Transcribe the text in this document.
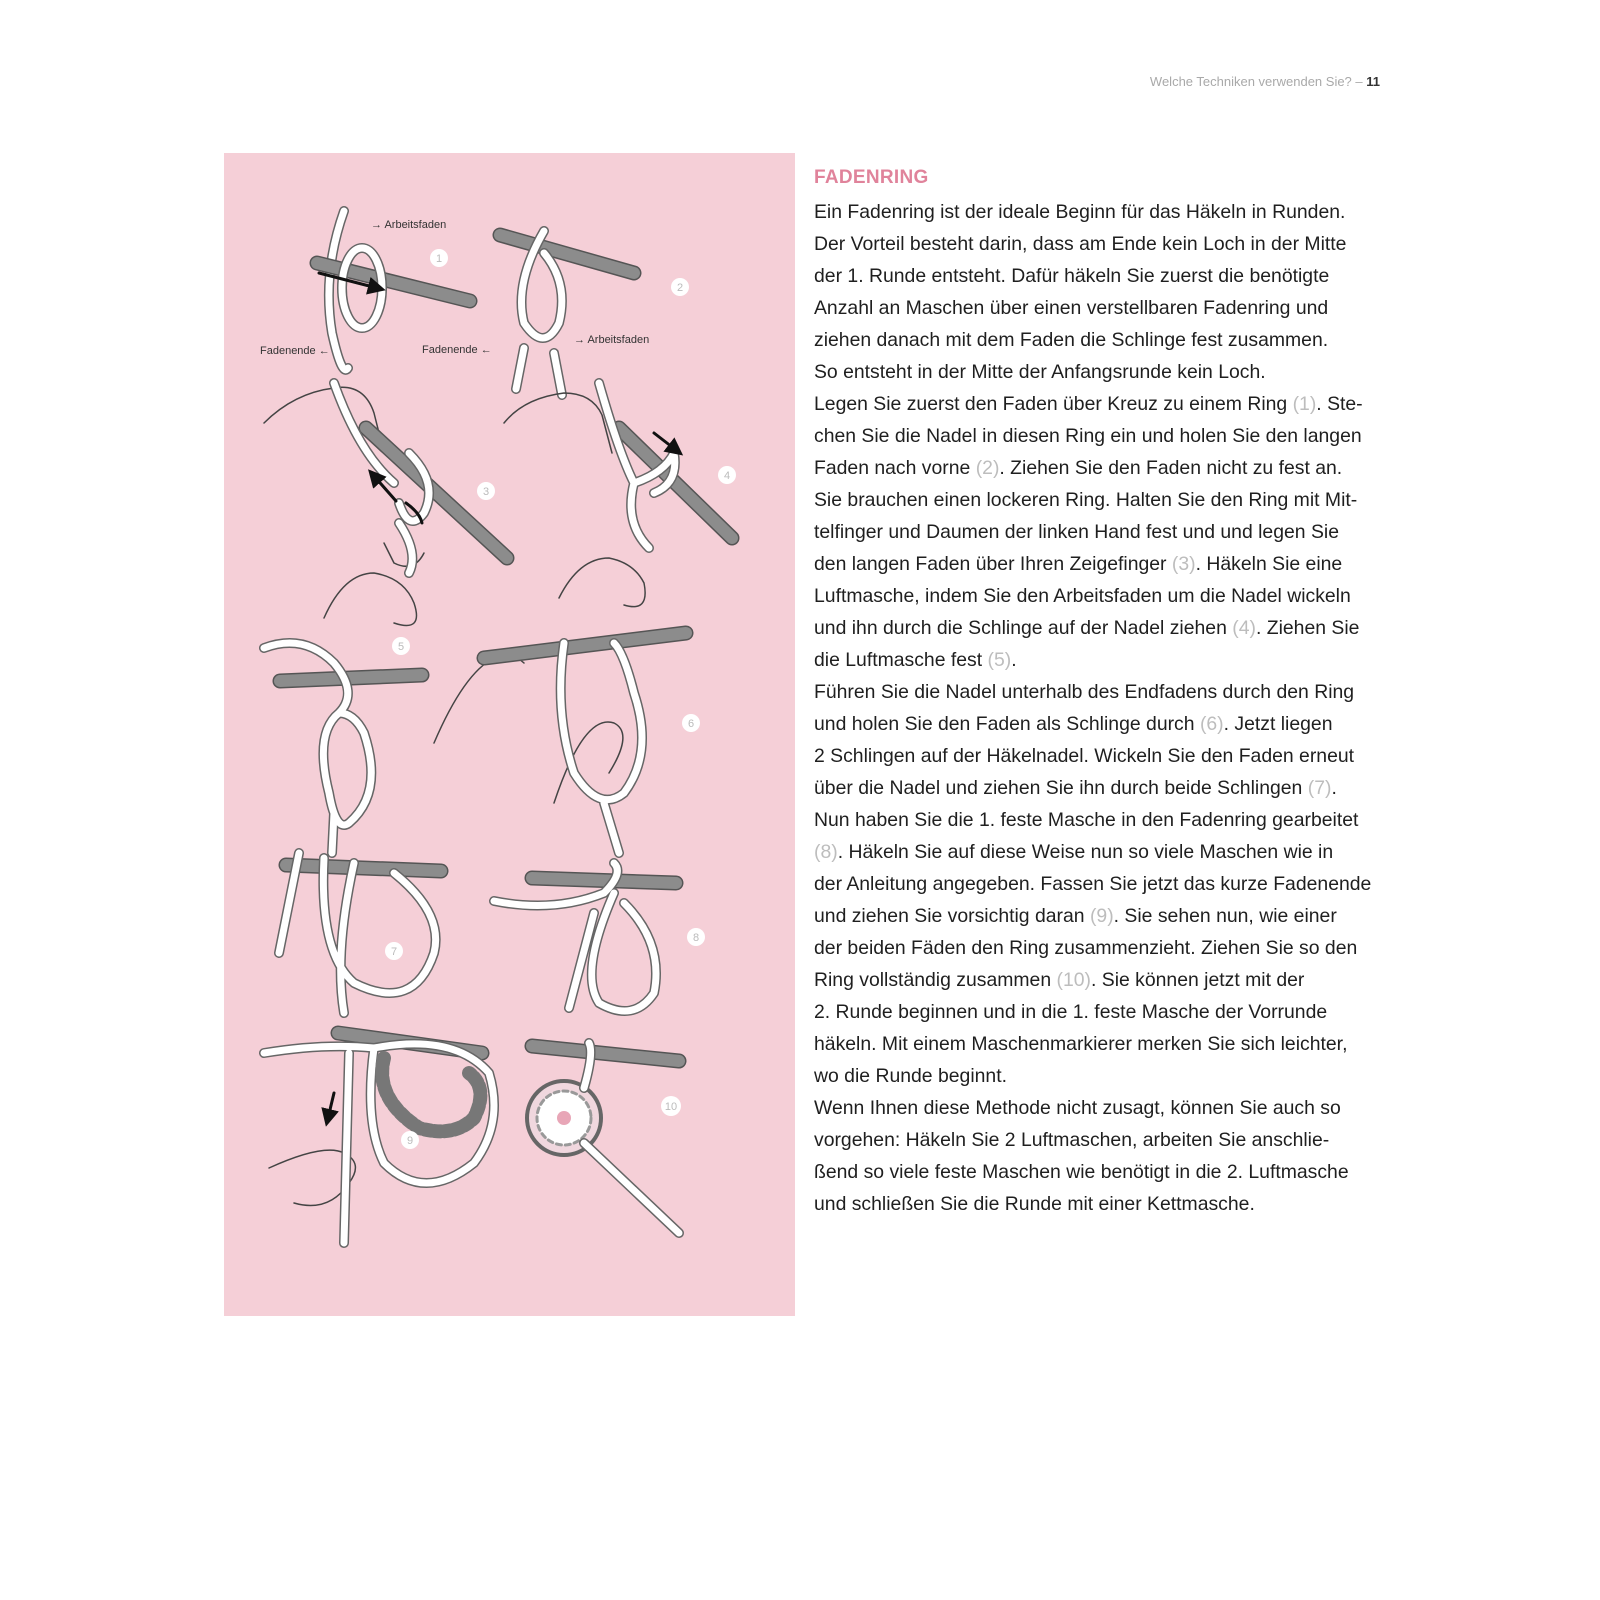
Welche Techniken verwenden Sie? – 11
→ Arbeitsfaden
Fadenende ←	Fadenende ←
→ Arbeitsfaden
1
2
3
4
5
6
7
8
9
10
FADENRING
Ein Fadenring ist der ideale Beginn für das Häkeln in Runden.
Der Vorteil besteht darin, dass am Ende kein Loch in der Mitte
der 1. Runde entsteht. Dafür häkeln Sie zuerst die benötigte
Anzahl an Maschen über einen verstellbaren Fadenring und
ziehen danach mit dem Faden die Schlinge fest zusammen.
So entsteht in der Mitte der Anfangsrunde kein Loch.
Legen Sie zuerst den Faden über Kreuz zu einem Ring (1). Ste-
chen Sie die Nadel in diesen Ring ein und holen Sie den langen
Faden nach vorne (2). Ziehen Sie den Faden nicht zu fest an.
Sie brauchen einen lockeren Ring. Halten Sie den Ring mit Mit-
telfinger und Daumen der linken Hand fest und und legen Sie
den langen Faden über Ihren Zeigefinger (3). Häkeln Sie eine
Luftmasche, indem Sie den Arbeitsfaden um die Nadel wickeln
und ihn durch die Schlinge auf der Nadel ziehen (4). Ziehen Sie
die Luftmasche fest (5).
Führen Sie die Nadel unterhalb des Endfadens durch den Ring
und holen Sie den Faden als Schlinge durch (6). Jetzt liegen
2 Schlingen auf der Häkelnadel. Wickeln Sie den Faden erneut
über die Nadel und ziehen Sie ihn durch beide Schlingen (7).
Nun haben Sie die 1. feste Masche in den Fadenring gearbeitet
(8). Häkeln Sie auf diese Weise nun so viele Maschen wie in
der Anleitung angegeben. Fassen Sie jetzt das kurze Fadenende
und ziehen Sie vorsichtig daran (9). Sie sehen nun, wie einer
der beiden Fäden den Ring zusammenzieht. Ziehen Sie so den
Ring vollständig zusammen (10). Sie können jetzt mit der
2. Runde beginnen und in die 1. feste Masche der Vorrunde
häkeln. Mit einem Maschenmarkierer merken Sie sich leichter,
wo die Runde beginnt.
Wenn Ihnen diese Methode nicht zusagt, können Sie auch so
vorgehen: Häkeln Sie 2 Luftmaschen, arbeiten Sie anschlie-
ßend so viele feste Maschen wie benötigt in die 2. Luftmasche
und schließen Sie die Runde mit einer Kettmasche.
